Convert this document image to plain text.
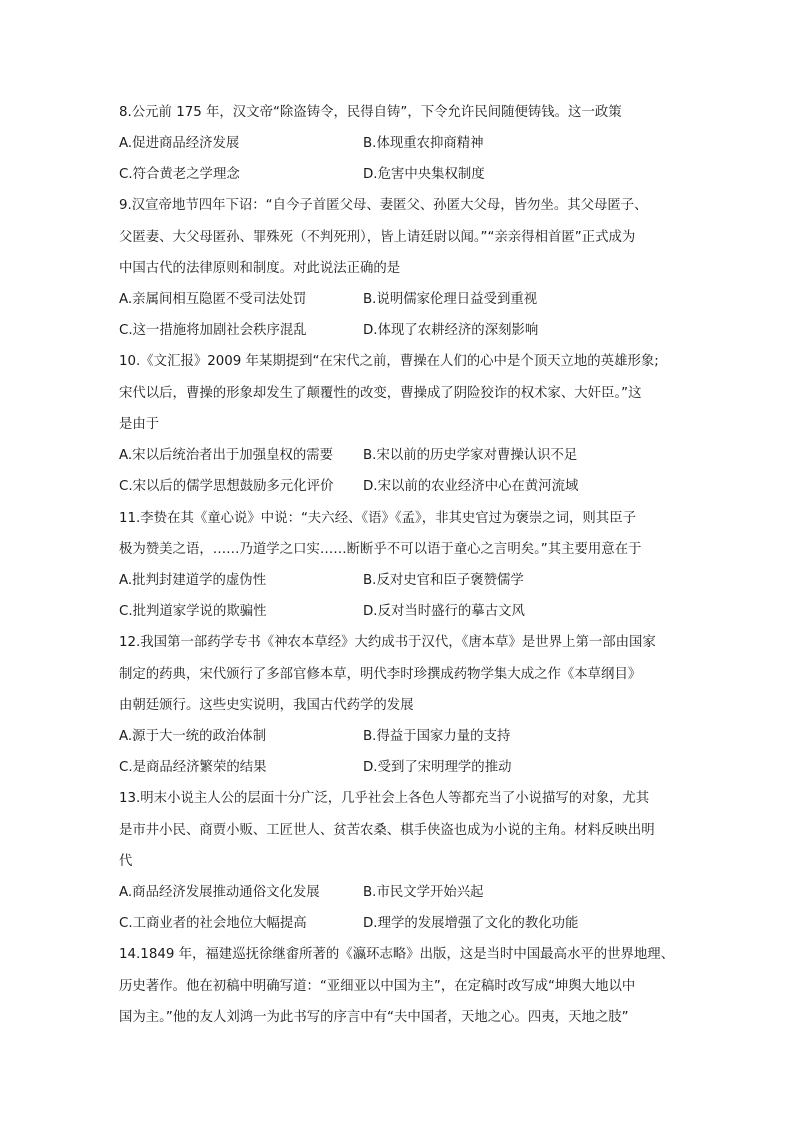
8.公元前 175 年，汉文帝“除盗铸令，民得自铸”，下令允许民间随便铸钱。这一政策
A.促进商品经济发展	B.体现重农抑商精神
C.符合黄老之学理念	D.危害中央集权制度
9.汉宣帝地节四年下诏：“自今子首匿父母、妻匿父、孙匿大父母，皆勿坐。其父母匿子、
父匿妻、大父母匿孙、罪殊死（不判死刑），皆上请廷尉以闻。”“亲亲得相首匿”正式成为
中国古代的法律原则和制度。对此说法正确的是
A.亲属间相互隐匿不受司法处罚	B.说明儒家伦理日益受到重视
C.这一措施将加剧社会秩序混乱	D.体现了农耕经济的深刻影响
10.《文汇报》2009 年某期提到“在宋代之前，曹操在人们的心中是个顶天立地的英雄形象;
宋代以后，曹操的形象却发生了颠覆性的改变，曹操成了阴险狡诈的权术家、大奸臣。”这
是由于
A.宋以后统治者出于加强皇权的需要 B.宋以前的历史学家对曹操认识不足
C.宋以后的儒学思想鼓励多元化评价 D.宋以前的农业经济中心在黄河流域
11.李贽在其《童心说》中说：“夫六经、《语》《孟》，非其史官过为褒崇之词，则其臣子
极为赞美之语，……乃道学之口实……断断乎不可以语于童心之言明矣。”其主要用意在于
A.批判封建道学的虚伪性	B.反对史官和臣子褒赞儒学
C.批判道家学说的欺骗性	D.反对当时盛行的摹古文风
12.我国第一部药学专书《神农本草经》大约成书于汉代，《唐本草》是世界上第一部由国家
制定的药典，宋代颁行了多部官修本草，明代李时珍撰成药物学集大成之作《本草纲目》
由朝廷颁行。这些史实说明，我国古代药学的发展
A.源于大一统的政治体制	B.得益于国家力量的支持
C.是商品经济繁荣的结果	D.受到了宋明理学的推动
13.明末小说主人公的层面十分广泛，几乎社会上各色人等都充当了小说描写的对象，尤其
是市井小民、商贾小贩、工匠世人、贫苦农桑、棋手侠盗也成为小说的主角。材料反映出明
代
A.商品经济发展推动通俗文化发展	B.市民文学开始兴起
C.工商业者的社会地位大幅提高	D.理学的发展增强了文化的教化功能
14.1849 年，福建巡抚徐继畬所著的《瀛环志略》出版，这是当时中国最高水平的世界地理、
历史著作。他在初稿中明确写道：“亚细亚以中国为主”，在定稿时改写成“坤舆大地以中
国为主。”他的友人刘鸿一为此书写的序言中有“夫中国者，天地之心。四夷，天地之肢”
